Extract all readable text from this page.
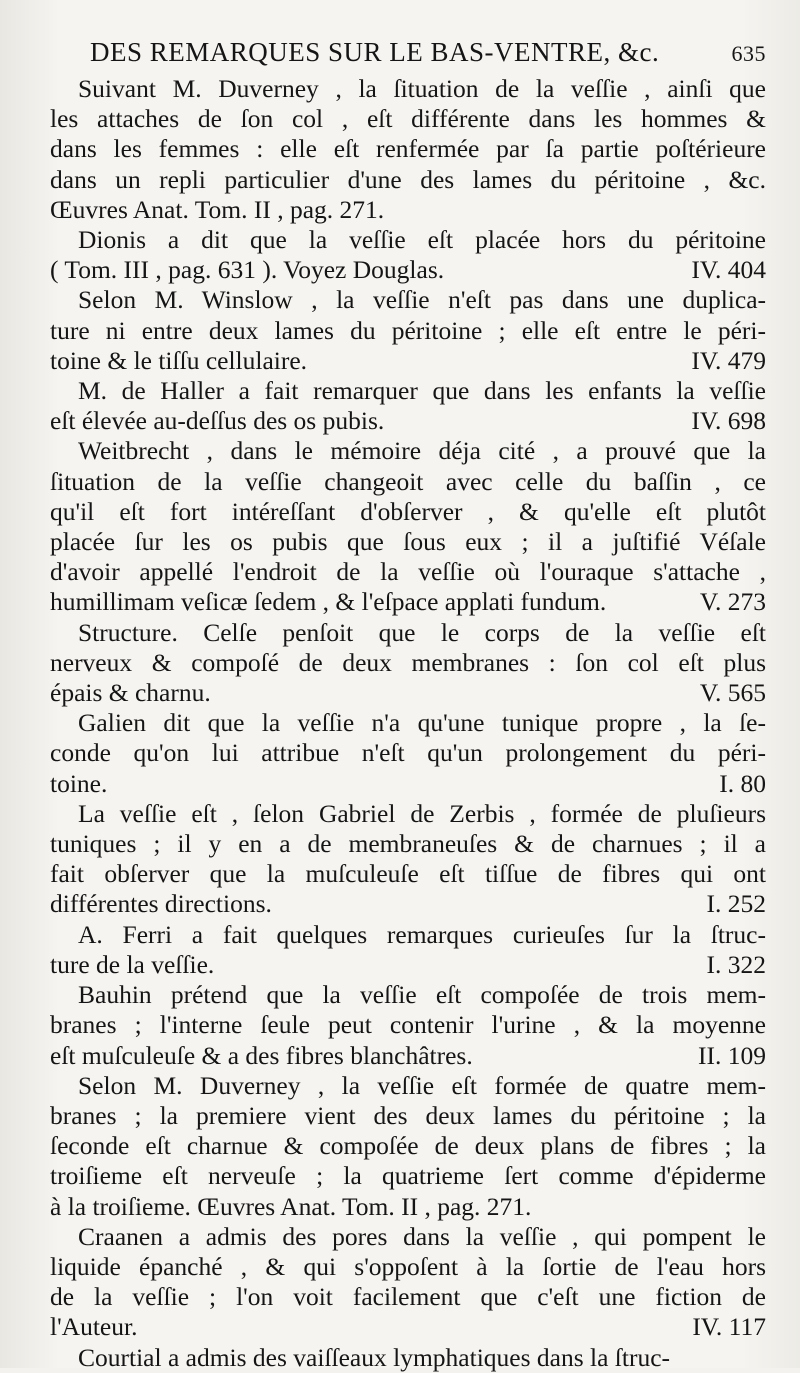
DES REMARQUES SUR LE BAS-VENTRE, &c.	635
Suivant M. Duverney , la ſituation de la veſſie , ainſi que
les attaches de ſon col , eſt différente dans les hommes &
dans les femmes : elle eſt renfermée par ſa partie poſtérieure
dans un repli particulier d'une des lames du péritoine , &c.
Œuvres Anat. Tom. II , pag. 271.
Dionis a dit que la veſſie eſt placée hors du péritoine
( Tom. III , pag. 631 ). Voyez Douglas.	IV. 404
Selon M. Winslow , la veſſie n'eſt pas dans une duplica-
ture ni entre deux lames du péritoine ; elle eſt entre le péri-
toine & le tiſſu cellulaire.	IV. 479
M. de Haller a fait remarquer que dans les enfants la veſſie
eſt élevée au-deſſus des os pubis.	IV. 698
Weitbrecht , dans le mémoire déja cité , a prouvé que la
ſituation de la veſſie changeoit avec celle du baſſin , ce
qu'il eſt fort intéreſſant d'obſerver , & qu'elle eſt plutôt
placée ſur les os pubis que ſous eux ; il a juſtifié Véſale
d'avoir appellé l'endroit de la veſſie où l'ouraque s'attache ,
humillimam veſicæ ſedem , & l'eſpace applati fundum.	V. 273
Structure. Celſe penſoit que le corps de la veſſie eſt
nerveux & compoſé de deux membranes : ſon col eſt plus
épais & charnu.	V. 565
Galien dit que la veſſie n'a qu'une tunique propre , la ſe-
conde qu'on lui attribue n'eſt qu'un prolongement du péri-
toine.	I. 80
La veſſie eſt , ſelon Gabriel de Zerbis , formée de pluſieurs
tuniques ; il y en a de membraneuſes & de charnues ; il a
fait obſerver que la muſculeuſe eſt tiſſue de fibres qui ont
différentes directions.	I. 252
A. Ferri a fait quelques remarques curieuſes ſur la ſtruc-
ture de la veſſie.	I. 322
Bauhin prétend que la veſſie eſt compoſée de trois mem-
branes ; l'interne ſeule peut contenir l'urine , & la moyenne
eſt muſculeuſe & a des fibres blanchâtres.	II. 109
Selon M. Duverney , la veſſie eſt formée de quatre mem-
branes ; la premiere vient des deux lames du péritoine ; la
ſeconde eſt charnue & compoſée de deux plans de fibres ; la
troiſieme eſt nerveuſe ; la quatrieme ſert comme d'épiderme
à la troiſieme. Œuvres Anat. Tom. II , pag. 271.
Craanen a admis des pores dans la veſſie , qui pompent le
liquide épanché , & qui s'oppoſent à la ſortie de l'eau hors
de la veſſie ; l'on voit facilement que c'eſt une fiction de
l'Auteur.	IV. 117
Courtial a admis des vaiſſeaux lymphatiques dans la ſtruc-
